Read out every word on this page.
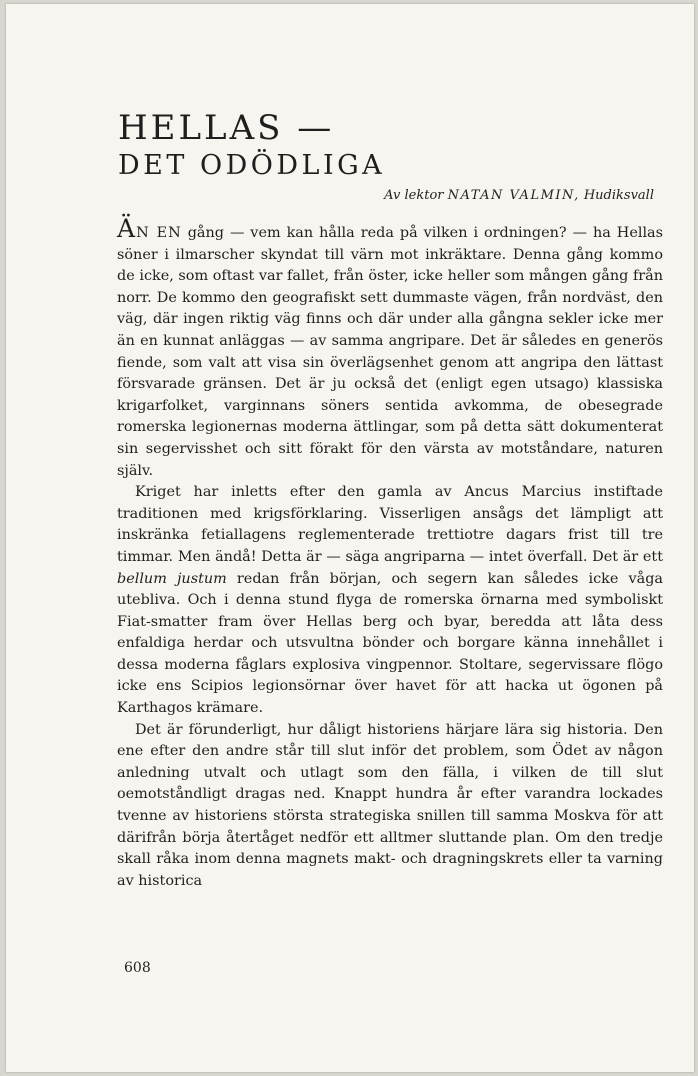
HELLAS —
DET ODÖDLIGA
Av lektor NATAN VALMIN, Hudiksvall

ÄN EN gång — vem kan hålla reda på vilken i ordningen? — ha Hellas söner i ilmarscher skyndat till värn mot inkräktare. Denna gång kommo de icke, som oftast var fallet, från öster, icke heller som mången gång från norr. De kommo den geografiskt sett dummaste vägen, från nordväst, den väg, där ingen riktig väg finns och där under alla gångna sekler icke mer än en kunnat anläggas — av samma angripare. Det är således en generös fiende, som valt att visa sin överlägsenhet genom att angripa den lättast försvarade gränsen. Det är ju också det (enligt egen utsago) klassiska krigarfolket, varginnans söners sentida avkomma, de obesegrade romerska legionernas moderna ättlingar, som på detta sätt dokumenterat sin segervisshet och sitt förakt för den värsta av motståndare, naturen själv.

Kriget har inletts efter den gamla av Ancus Marcius instiftade traditionen med krigsförklaring. Visserligen ansågs det lämpligt att inskränka fetiallagens reglementerade trettiotre dagars frist till tre timmar. Men ändå! Detta är — säga angriparna — intet överfall. Det är ett bellum justum redan från början, och segern kan således icke våga utebliva. Och i denna stund flyga de romerska örnarna med symboliskt Fiat-smatter fram över Hellas berg och byar, beredda att låta dess enfaldiga herdar och utsvultna bönder och borgare känna innehållet i dessa moderna fåglars explosiva vingpennor. Stoltare, segervissare flögo icke ens Scipios legionsörnar över havet för att hacka ut ögonen på Karthagos krämare.

Det är förunderligt, hur dåligt historiens härjare lära sig historia. Den ene efter den andre står till slut inför det problem, som Ödet av någon anledning utvalt och utlagt som den fälla, i vilken de till slut oemotståndligt dragas ned. Knappt hundra år efter varandra lockades tvenne av historiens största strategiska snillen till samma Moskva för att därifrån börja återtåget nedför ett alltmer sluttande plan. Om den tredje skall råka inom denna magnets makt- och dragningskrets eller ta varning av historica

608
